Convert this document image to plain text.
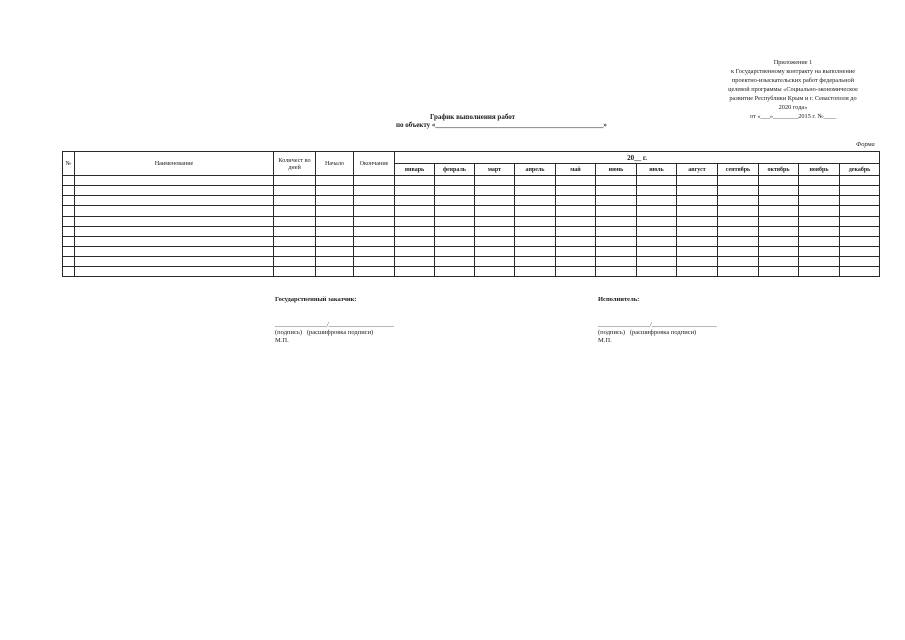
Приложение 1
к Государственному контракту на выполнение
проектно-изыскательских работ федеральной
целевой программы «Социально-экономическое
развитие Республики Крым и г. Севастополя до
2020 года»
от «___»________2015 г. №____
График выполнения работ
по объекту «________________________________________________»
Форма
№	Наименование	Количест во дней	Начало	Окончание	20__ г.											
					январь	февраль	март	апрель	май	июнь	июль	август	сентябрь	октябрь	ноябрь	декабрь

Государственный заказчик:
________________/____________________
(подпись)   (расшифровка подписи)
М.П.
Исполнитель:
________________/____________________
(подпись)   (расшифровка подписи)
М.П.
